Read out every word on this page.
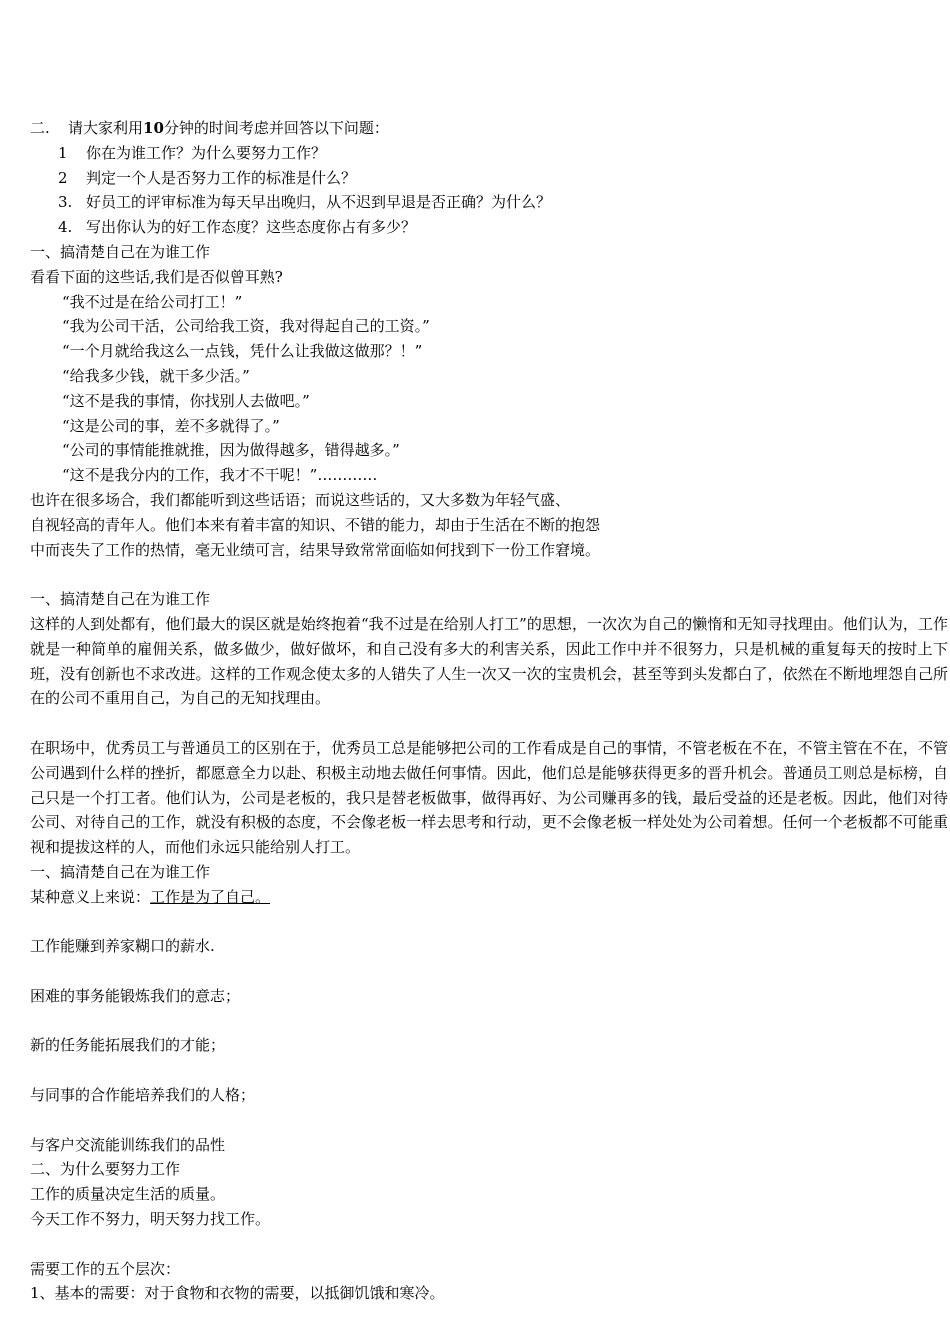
二. 请大家利用10分钟的时间考虑并回答以下问题：
1 你在为谁工作？为什么要努力工作？
2 判定一个人是否努力工作的标准是什么？
3. 好员工的评审标准为每天早出晚归，从不迟到早退是否正确？为什么？
4. 写出你认为的好工作态度？这些态度你占有多少？
一、搞清楚自己在为谁工作
看看下面的这些话,我们是否似曾耳熟?
“我不过是在给公司打工！”
“我为公司干活，公司给我工资，我对得起自己的工资。”
“一个月就给我这么一点钱，凭什么让我做这做那？！”
“给我多少钱，就干多少活。”
“这不是我的事情，你找别人去做吧。”
“这是公司的事，差不多就得了。”
“公司的事情能推就推，因为做得越多，错得越多。”
“这不是我分内的工作，我才不干呢！”…………
也许在很多场合，我们都能听到这些话语；而说这些话的，又大多数为年轻气盛、
自视轻高的青年人。他们本来有着丰富的知识、不错的能力，却由于生活在不断的抱怨
中而丧失了工作的热情，毫无业绩可言，结果导致常常面临如何找到下一份工作窘境。
一、搞清楚自己在为谁工作

这样的人到处都有，他们最大的误区就是始终抱着“我不过是在给别人打工”的思想，一次次为自己的懒惰和无知寻找理由。他们认为，工作就是一种简单的雇佣关系，做多做少，做好做坏，和自己没有多大的利害关系，因此工作中并不很努力，只是机械的重复每天的按时上下班，没有创新也不求改进。这样的工作观念使太多的人错失了人生一次又一次的宝贵机会，甚至等到头发都白了，依然在不断地埋怨自己所在的公司不重用自己，为自己的无知找理由。

在职场中，优秀员工与普通员工的区别在于，优秀员工总是能够把公司的工作看成是自己的事情，不管老板在不在，不管主管在不在，不管公司遇到什么样的挫折，都愿意全力以赴、积极主动地去做任何事情。因此，他们总是能够获得更多的晋升机会。普通员工则总是标榜，自己只是一个打工者。他们认为，公司是老板的，我只是替老板做事，做得再好、为公司赚再多的钱，最后受益的还是老板。因此，他们对待公司、对待自己的工作，就没有积极的态度，不会像老板一样去思考和行动，更不会像老板一样处处为公司着想。任何一个老板都不可能重视和提拔这样的人，而他们永远只能给别人打工。

一、搞清楚自己在为谁工作
某种意义上来说：工作是为了自己。
工作能赚到养家糊口的薪水.
困难的事务能锻炼我们的意志；
新的任务能拓展我们的才能；
与同事的合作能培养我们的人格；
与客户交流能训练我们的品性
二、为什么要努力工作
工作的质量决定生活的质量。
今天工作不努力，明天努力找工作。
需要工作的五个层次：
1、基本的需要：对于食物和衣物的需要，以抵御饥饿和寒冷。
